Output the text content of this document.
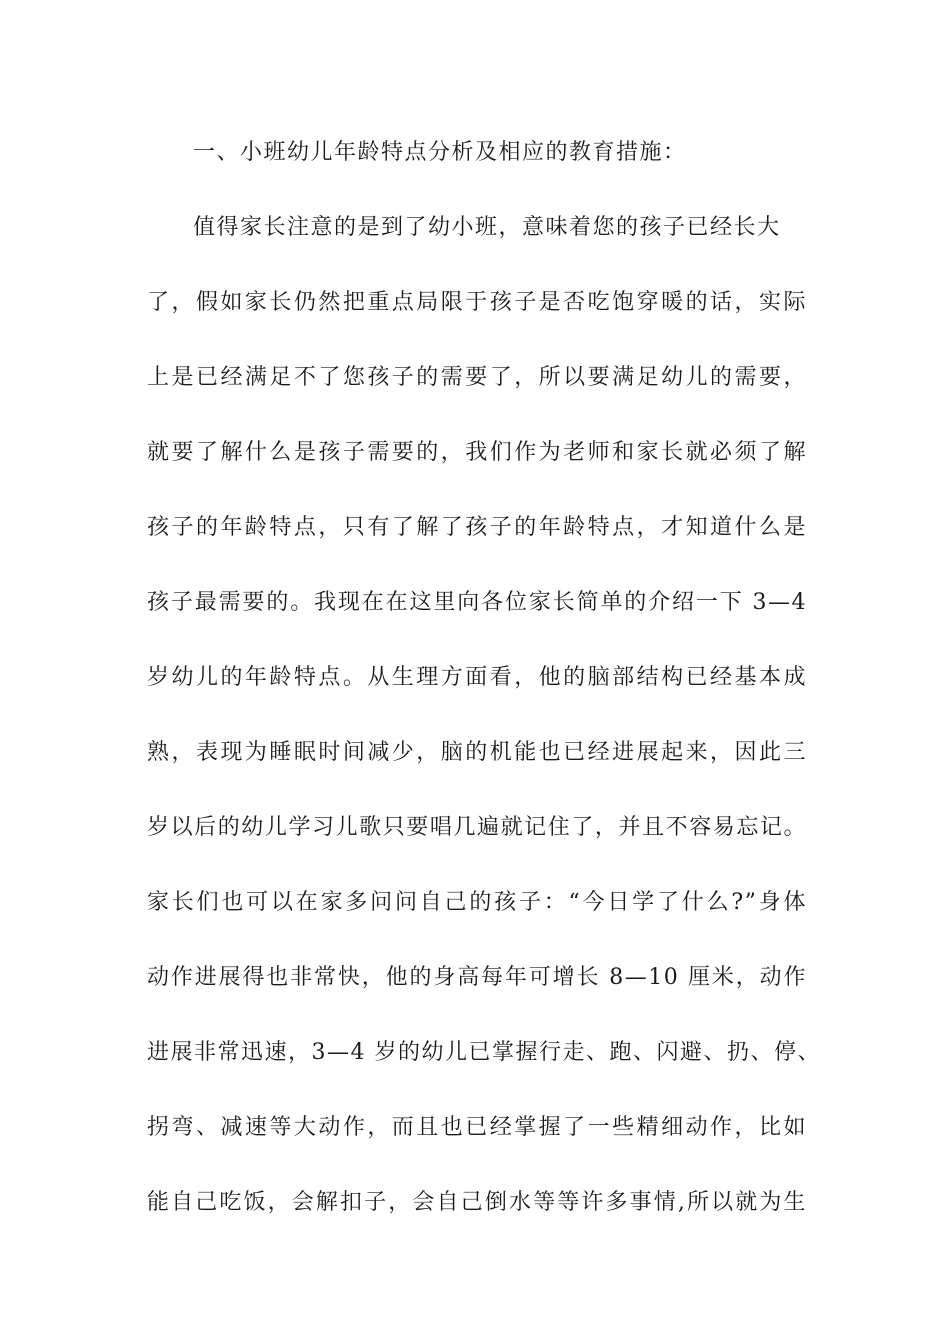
一、小班幼儿年龄特点分析及相应的教育措施：
值得家长注意的是到了幼小班，意味着您的孩子已经长大
了，假如家长仍然把重点局限于孩子是否吃饱穿暖的话，实际
上是已经满足不了您孩子的需要了，所以要满足幼儿的需要，
就要了解什么是孩子需要的，我们作为老师和家长就必须了解
孩子的年龄特点，只有了解了孩子的年龄特点，才知道什么是
孩子最需要的。我现在在这里向各位家长简单的介绍一下 3—4
岁幼儿的年龄特点。从生理方面看，他的脑部结构已经基本成
熟，表现为睡眠时间减少，脑的机能也已经进展起来，因此三
岁以后的幼儿学习儿歌只要唱几遍就记住了，并且不容易忘记。
家长们也可以在家多问问自己的孩子：“今日学了什么?”身体
动作进展得也非常快，他的身高每年可增长 8—10 厘米，动作
进展非常迅速，3—4 岁的幼儿已掌握行走、跑、闪避、扔、停、
拐弯、减速等大动作，而且也已经掌握了一些精细动作，比如
能自己吃饭，会解扣子，会自己倒水等等许多事情,所以就为生
